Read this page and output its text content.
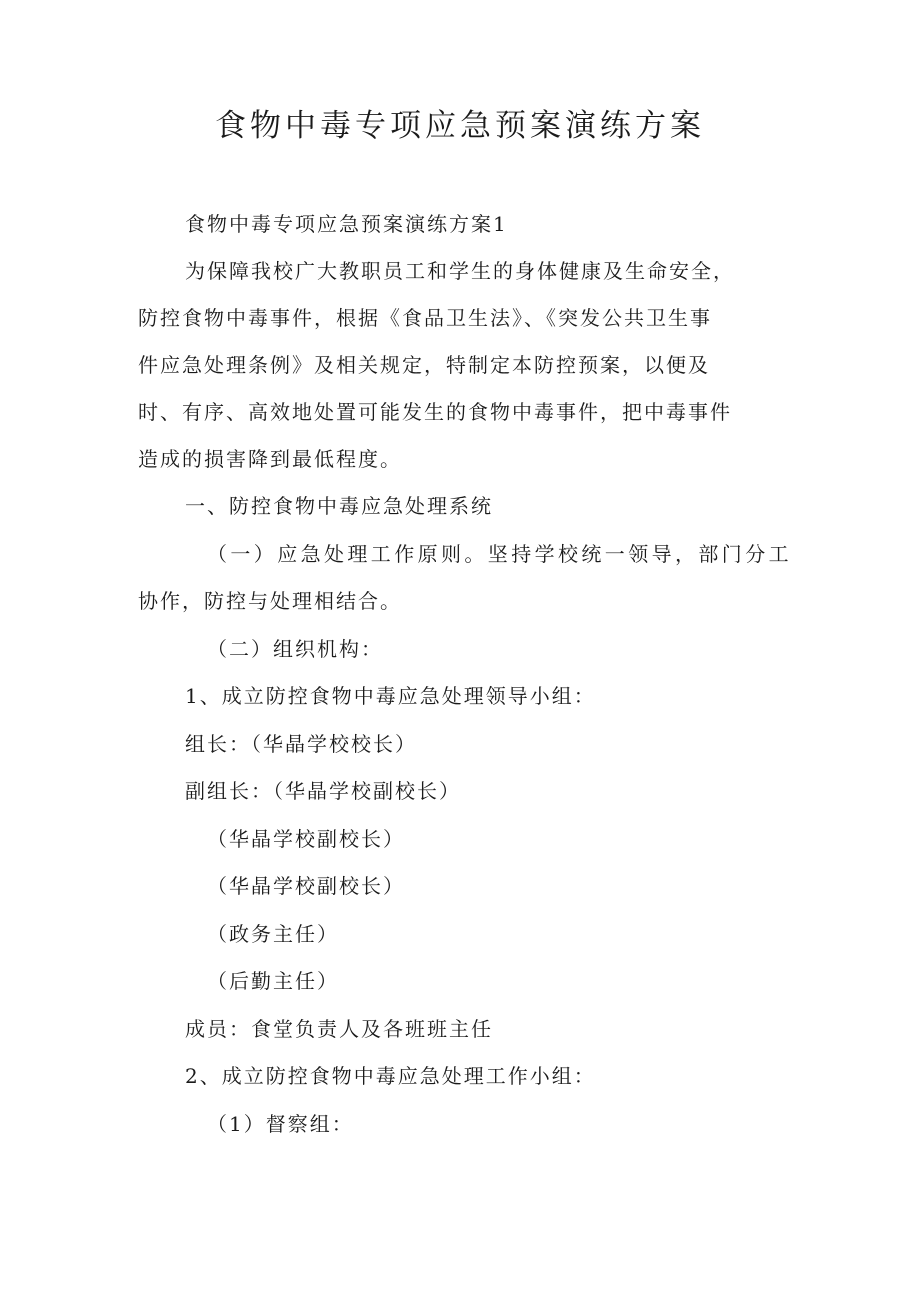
食物中毒专项应急预案演练方案
食物中毒专项应急预案演练方案1
为保障我校广大教职员工和学生的身体健康及生命安全，
防控食物中毒事件，根据《食品卫生法》、《突发公共卫生事
件应急处理条例》及相关规定，特制定本防控预案，以便及
时、有序、高效地处置可能发生的食物中毒事件，把中毒事件
造成的损害降到最低程度。
一、防控食物中毒应急处理系统
（一）应急处理工作原则。坚持学校统一领导，部门分工
协作，防控与处理相结合。
（二）组织机构：
1、成立防控食物中毒应急处理领导小组：
组长：（华晶学校校长）
副组长：（华晶学校副校长）
（华晶学校副校长）
（华晶学校副校长）
（政务主任）
（后勤主任）
成员：食堂负责人及各班班主任
2、成立防控食物中毒应急处理工作小组：
（1）督察组：
